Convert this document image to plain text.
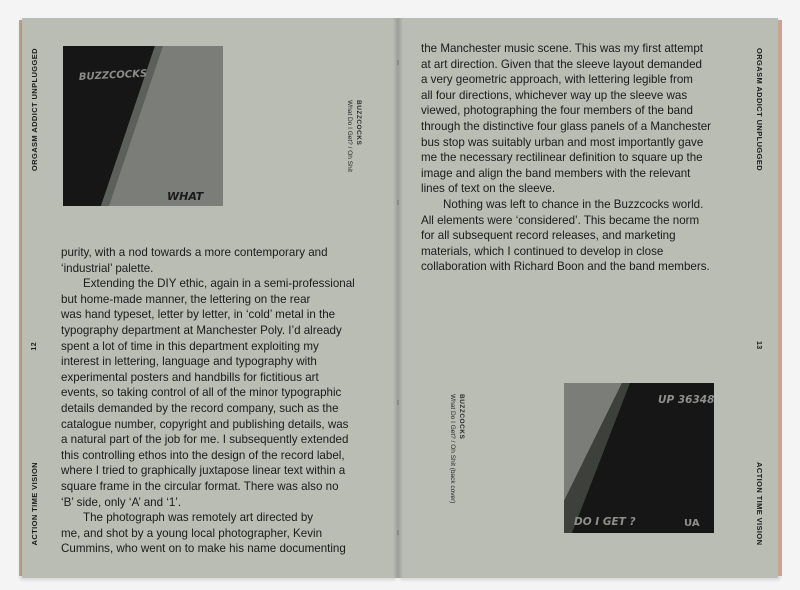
ORGASM ADDICT UNPLUGGED
12
ACTION TIME VISION
BUZZCOCKS
WHAT
BUZZCOCKS
What Do I Get? / Oh Shit
purity, with a nod towards a more contemporary and
‘industrial’ palette.
Extending the DIY ethic, again in a semi-professional
but home-made manner, the lettering on the rear
was hand typeset, letter by letter, in ‘cold’ metal in the
typography department at Manchester Poly. I’d already
spent a lot of time in this department exploiting my
interest in lettering, language and typography with
experimental posters and handbills for fictitious art
events, so taking control of all of the minor typographic
details demanded by the record company, such as the
catalogue number, copyright and publishing details, was
a natural part of the job for me. I subsequently extended
this controlling ethos into the design of the record label,
where I tried to graphically juxtapose linear text within a
square frame in the circular format. There was also no
‘B’ side, only ‘A’ and ‘1’.
The photograph was remotely art directed by
me, and shot by a young local photographer, Kevin
Cummins, who went on to make his name documenting
ORGASM ADDICT UNPLUGGED
13
ACTION TIME VISION
the Manchester music scene. This was my first attempt
at art direction. Given that the sleeve layout demanded
a very geometric approach, with lettering legible from
all four directions, whichever way up the sleeve was
viewed, photographing the four members of the band
through the distinctive four glass panels of a Manchester
bus stop was suitably urban and most importantly gave
me the necessary rectilinear definition to square up the
image and align the band members with the relevant
lines of text on the sleeve.
Nothing was left to chance in the Buzzcocks world.
All elements were ‘considered’. This became the norm
for all subsequent record releases, and marketing
materials, which I continued to develop in close
collaboration with Richard Boon and the band members.
BUZZCOCKS
What Do I Get? / Oh Shit (back cover)	UP 36348
DO I GET ?	UA
